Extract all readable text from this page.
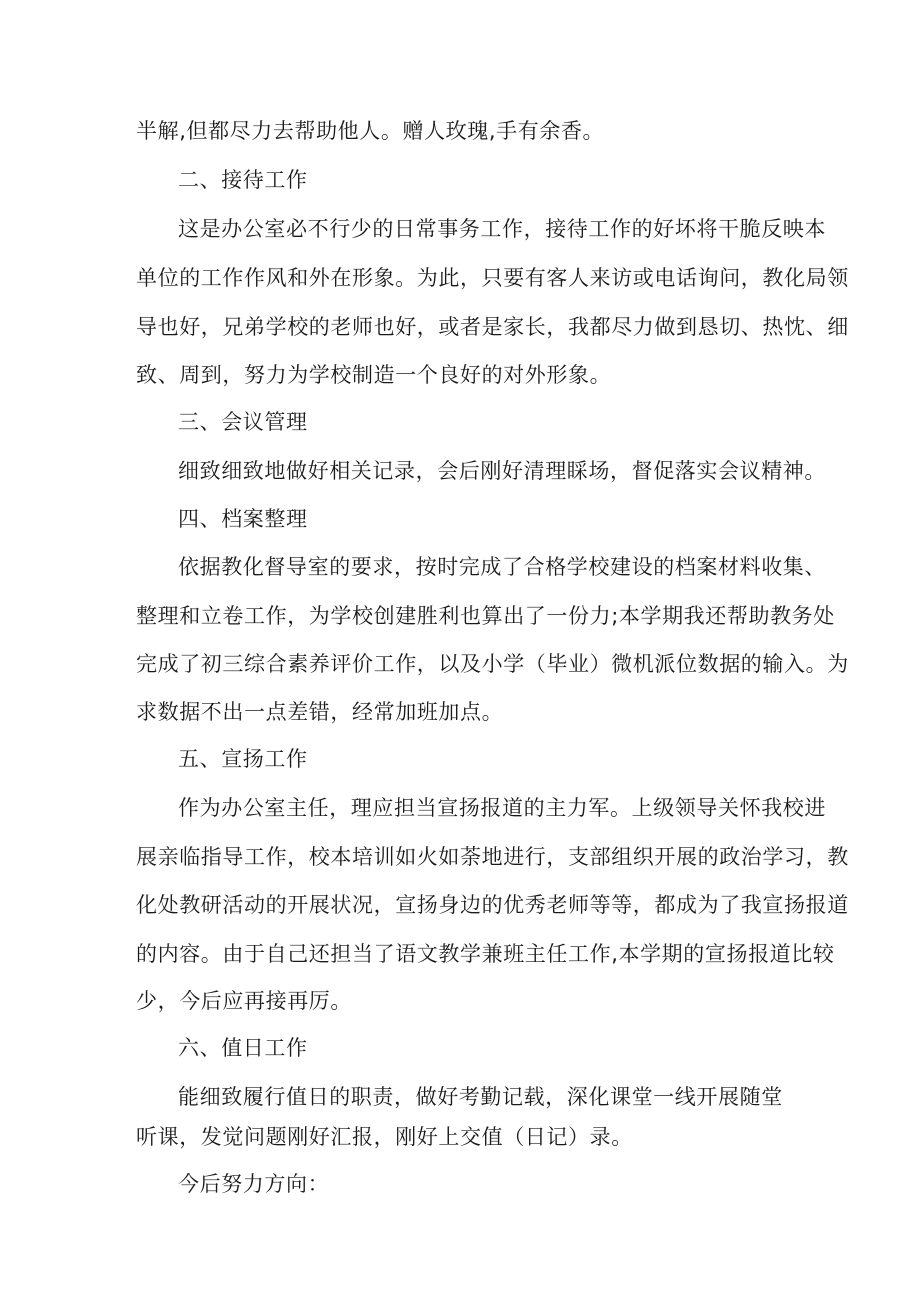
半解,但都尽力去帮助他人。赠人玫瑰,手有余香。
二、接待工作
这是办公室必不行少的日常事务工作，接待工作的好坏将干脆反映本
单位的工作作风和外在形象。为此，只要有客人来访或电话询问，教化局领
导也好，兄弟学校的老师也好，或者是家长，我都尽力做到恳切、热忱、细
致、周到，努力为学校制造一个良好的对外形象。
三、会议管理
细致细致地做好相关记录，会后刚好清理睬场，督促落实会议精神。
四、档案整理
依据教化督导室的要求，按时完成了合格学校建设的档案材料收集、
整理和立卷工作，为学校创建胜利也算出了一份力;本学期我还帮助教务处
完成了初三综合素养评价工作，以及小学（毕业）微机派位数据的输入。为
求数据不出一点差错，经常加班加点。
五、宣扬工作
作为办公室主任，理应担当宣扬报道的主力军。上级领导关怀我校进
展亲临指导工作，校本培训如火如荼地进行，支部组织开展的政治学习，教
化处教研活动的开展状况，宣扬身边的优秀老师等等，都成为了我宣扬报道
的内容。由于自己还担当了语文教学兼班主任工作,本学期的宣扬报道比较
少，今后应再接再厉。
六、值日工作
能细致履行值日的职责，做好考勤记载，深化课堂一线开展随堂
听课，发觉问题刚好汇报，刚好上交值（日记）录。
今后努力方向：
